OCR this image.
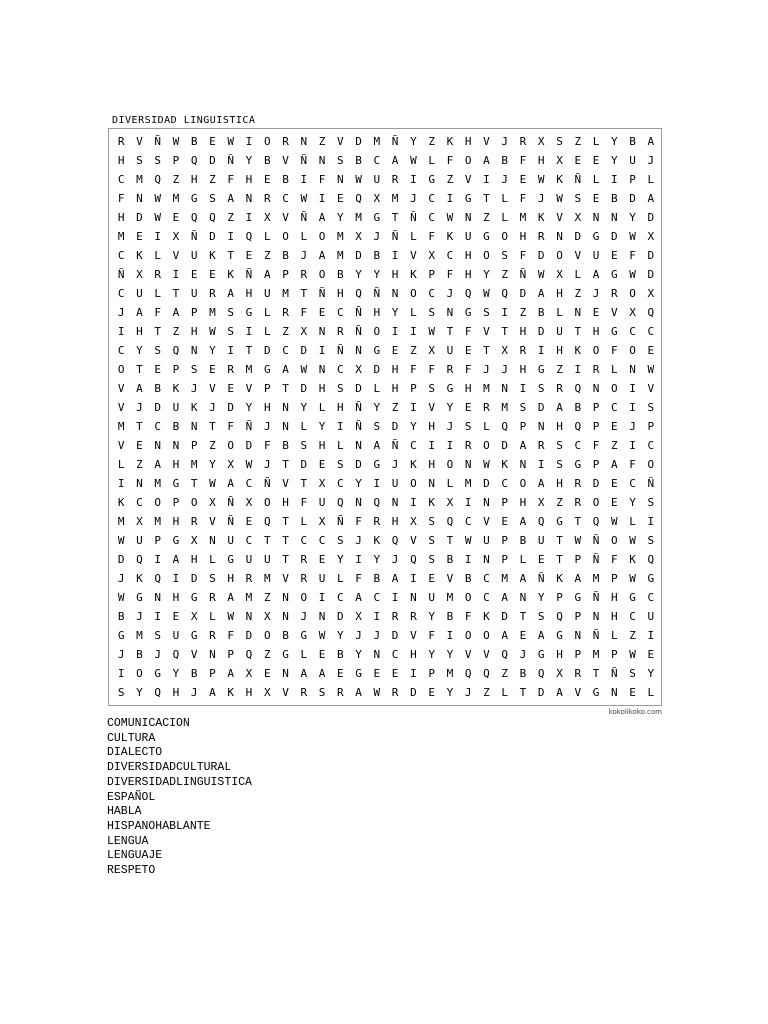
DIVERSIDAD LINGUISTICA
R	V	Ñ	W	B	E	W	I	O	R	N	Z	V	D	M	Ñ	Y	Z	K	H	V	J	R	X	S	Z	L	Y	B	A
H	S	S	P	Q	D	Ñ	Y	B	V	Ñ	N	S	B	C	A	W	L	F	O	A	B	F	H	X	E	E	Y	U	J
C	M	Q	Z	H	Z	F	H	E	B	I	F	N	W	U	R	I	G	Z	V	I	J	E	W	K	Ñ	L	I	P	L
F	N	W	M	G	S	A	N	R	C	W	I	E	Q	X	M	J	C	I	G	T	L	F	J	W	S	E	B	D	A
H	D	W	E	Q	Q	Z	I	X	V	Ñ	A	Y	M	G	T	Ñ	C	W	N	Z	L	M	K	V	X	N	N	Y	D
M	E	I	X	Ñ	D	I	Q	L	O	L	O	M	X	J	Ñ	L	F	K	U	G	O	H	R	N	D	G	D	W	X
C	K	L	V	U	K	T	E	Z	B	J	A	M	D	B	I	V	X	C	H	O	S	F	D	O	V	U	E	F	D
Ñ	X	R	I	E	E	K	Ñ	A	P	R	O	B	Y	Y	H	K	P	F	H	Y	Z	Ñ	W	X	L	A	G	W	D
C	U	L	T	U	R	A	H	U	M	T	Ñ	H	Q	Ñ	N	O	C	J	Q	W	Q	D	A	H	Z	J	R	O	X
J	A	F	A	P	M	S	G	L	R	F	E	C	Ñ	H	Y	L	S	N	G	S	I	Z	B	L	N	E	V	X	Q
I	H	T	Z	H	W	S	I	L	Z	X	N	R	Ñ	O	I	I	W	T	F	V	T	H	D	U	T	H	G	C	C
C	Y	S	Q	N	Y	I	T	D	C	D	I	Ñ	N	G	E	Z	X	U	E	T	X	R	I	H	K	O	F	O	E
O	T	E	P	S	E	R	M	G	A	W	N	C	X	D	H	F	F	R	F	J	J	H	G	Z	I	R	L	N	W
V	A	B	K	J	V	E	V	P	T	D	H	S	D	L	H	P	S	G	H	M	N	I	S	R	Q	N	O	I	V
V	J	D	U	K	J	D	Y	H	N	Y	L	H	Ñ	Y	Z	I	V	Y	E	R	M	S	D	A	B	P	C	I	S
M	T	C	B	N	T	F	Ñ	J	N	L	Y	I	Ñ	S	D	Y	H	J	S	L	Q	P	N	H	Q	P	E	J	P
V	E	N	N	P	Z	O	D	F	B	S	H	L	N	A	Ñ	C	I	I	R	O	D	A	R	S	C	F	Z	I	C
L	Z	A	H	M	Y	X	W	J	T	D	E	S	D	G	J	K	H	O	N	W	K	N	I	S	G	P	A	F	O
I	N	M	G	T	W	A	C	Ñ	V	T	X	C	Y	I	U	O	N	L	M	D	C	O	A	H	R	D	E	C	Ñ
K	C	O	P	O	X	Ñ	X	O	H	F	U	Q	N	Q	N	I	K	X	I	N	P	H	X	Z	R	O	E	Y	S
M	X	M	H	R	V	Ñ	E	Q	T	L	X	Ñ	F	R	H	X	S	Q	C	V	E	A	Q	G	T	Q	W	L	I
W	U	P	G	X	N	U	C	T	T	C	C	S	J	K	Q	V	S	T	W	U	P	B	U	T	W	Ñ	O	W	S
D	Q	I	A	H	L	G	U	U	T	R	E	Y	I	Y	J	Q	S	B	I	N	P	L	E	T	P	Ñ	F	K	Q
J	K	Q	I	D	S	H	R	M	V	R	U	L	F	B	A	I	E	V	B	C	M	A	Ñ	K	A	M	P	W	G
W	G	N	H	G	R	A	M	Z	N	O	I	C	A	C	I	N	U	M	O	C	A	N	Y	P	G	Ñ	H	G	C
B	J	I	E	X	L	W	N	X	N	J	N	D	X	I	R	R	Y	B	F	K	D	T	S	Q	P	N	H	C	U
G	M	S	U	G	R	F	D	O	B	G	W	Y	J	J	D	V	F	I	O	O	A	E	A	G	N	Ñ	L	Z	I
J	B	J	Q	V	N	P	Q	Z	G	L	E	B	Y	N	C	H	Y	Y	V	V	Q	J	G	H	P	M	P	W	E
I	O	G	Y	B	P	A	X	E	N	A	A	E	G	E	E	I	P	M	Q	Q	Z	B	Q	X	R	T	Ñ	S	Y
S	Y	Q	H	J	A	K	H	X	V	R	S	R	A	W	R	D	E	Y	J	Z	L	T	D	A	V	G	N	E	L
kokolikoko.com
COMUNICACION
CULTURA
DIALECTO
DIVERSIDADCULTURAL
DIVERSIDADLINGUISTICA
ESPAÑOL
HABLA
HISPANOHABLANTE
LENGUA
LENGUAJE
RESPETO
